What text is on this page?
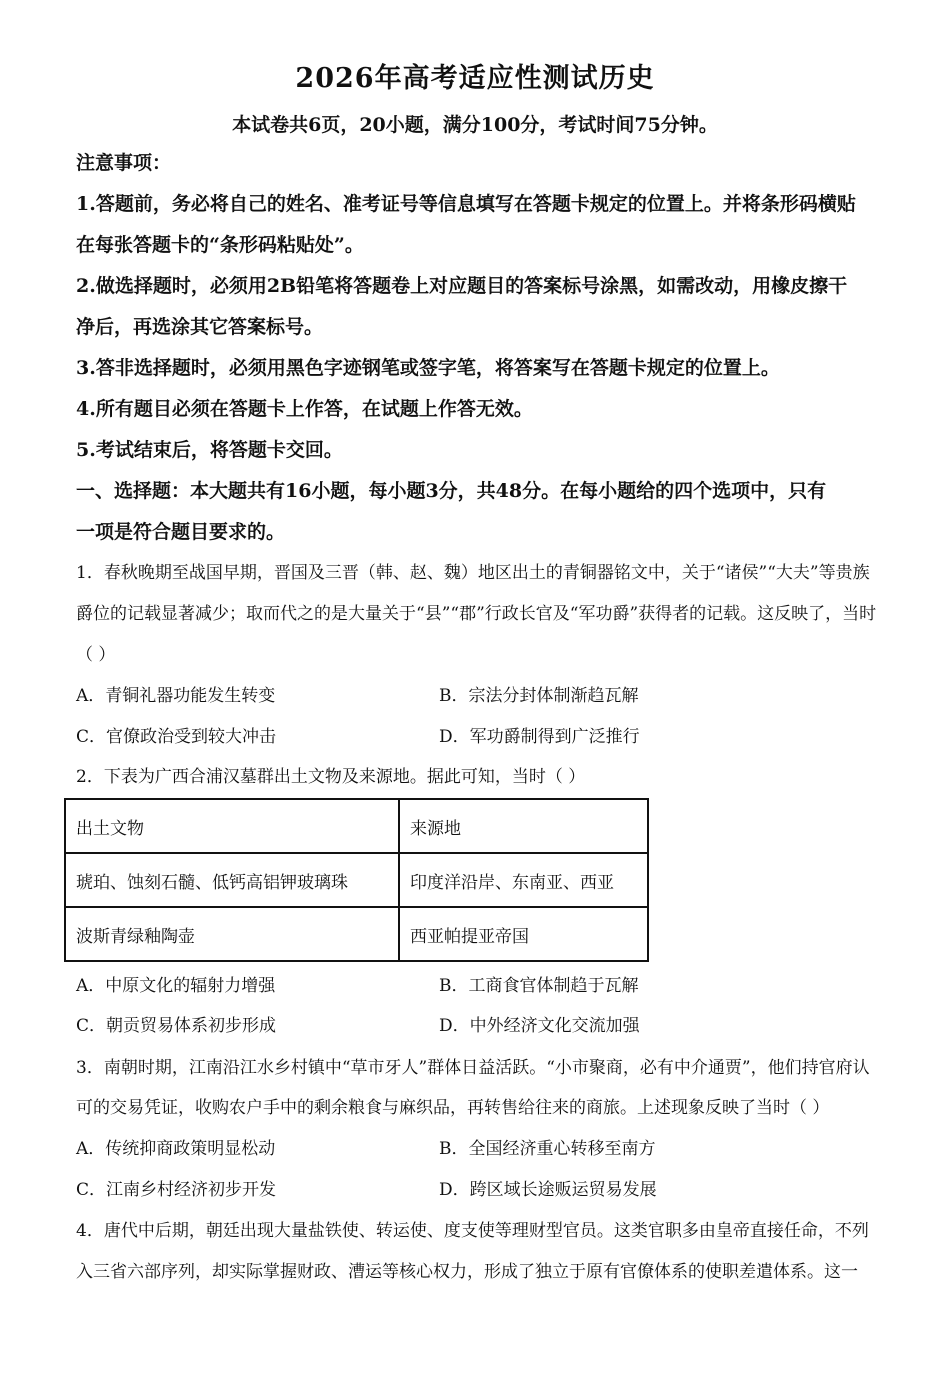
2026年高考适应性测试历史
本试卷共6页，20小题，满分100分，考试时间75分钟。
注意事项：
1.答题前，务必将自己的姓名、准考证号等信息填写在答题卡规定的位置上。并将条形码横贴
在每张答题卡的“条形码粘贴处”。
2.做选择题时，必须用2B铅笔将答题卷上对应题目的答案标号涂黑，如需改动，用橡皮擦干
净后，再选涂其它答案标号。
3.答非选择题时，必须用黑色字迹钢笔或签字笔，将答案写在答题卡规定的位置上。
4.所有题目必须在答题卡上作答，在试题上作答无效。
5.考试结束后，将答题卡交回。
一、选择题：本大题共有16小题，每小题3分，共48分。在每小题给的四个选项中，只有
一项是符合题目要求的。
1．春秋晚期至战国早期，晋国及三晋（韩、赵、魏）地区出土的青铜器铭文中，关于“诸侯”“大夫”等贵族
爵位的记载显著减少；取而代之的是大量关于“县”“郡”行政长官及“军功爵”获得者的记载。这反映了，当时
（ ）
A．青铜礼器功能发生转变	B．宗法分封体制渐趋瓦解
C．官僚政治受到较大冲击	D．军功爵制得到广泛推行
2．下表为广西合浦汉墓群出土文物及来源地。据此可知，当时（ ）
出土文物	来源地
琥珀、蚀刻石髓、低钙高铝钾玻璃珠	印度洋沿岸、东南亚、西亚
波斯青绿釉陶壶	西亚帕提亚帝国
A．中原文化的辐射力增强	B．工商食官体制趋于瓦解
C．朝贡贸易体系初步形成	D．中外经济文化交流加强
3．南朝时期，江南沿江水乡村镇中“草市牙人”群体日益活跃。“小市聚商，必有中介通贾”，他们持官府认
可的交易凭证，收购农户手中的剩余粮食与麻织品，再转售给往来的商旅。上述现象反映了当时（ ）
A．传统抑商政策明显松动	B．全国经济重心转移至南方
C．江南乡村经济初步开发	D．跨区域长途贩运贸易发展
4．唐代中后期，朝廷出现大量盐铁使、转运使、度支使等理财型官员。这类官职多由皇帝直接任命，不列
入三省六部序列，却实际掌握财政、漕运等核心权力，形成了独立于原有官僚体系的使职差遣体系。这一
